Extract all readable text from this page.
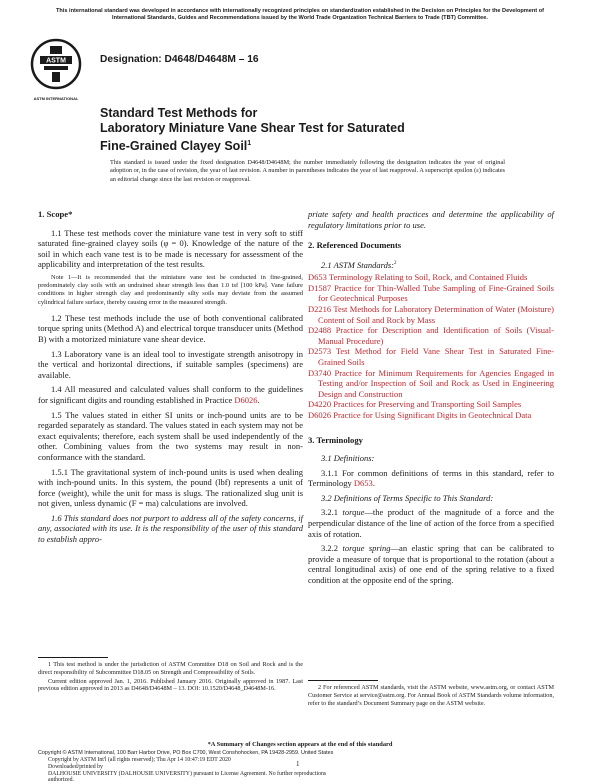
This international standard was developed in accordance with internationally recognized principles on standardization established in the Decision on Principles for the Development of International Standards, Guides and Recommendations issued by the World Trade Organization Technical Barriers to Trade (TBT) Committee.
ASTM
ASTM INTERNATIONAL
Designation: D4648/D4648M – 16
Standard Test Methods for
Laboratory Miniature Vane Shear Test for Saturated
Fine-Grained Clayey Soil$^1$
This standard is issued under the fixed designation D4648/D4648M; the number immediately following the designation indicates the year of original adoption or, in the case of revision, the year of last revision. A number in parentheses indicates the year of last reapproval. A superscript epsilon (ε) indicates an editorial change since the last revision or reapproval.
1. Scope*

1.1 These test methods cover the miniature vane test in very soft to stiff saturated fine-grained clayey soils (φ = 0). Knowledge of the nature of the soil in which each vane test is to be made is necessary for assessment of the applicability and interpretation of the test results.

Note 1—It is recommended that the miniature vane test be conducted in fine-grained, predominately clay soils with an undrained shear strength less than 1.0 tsf [100 kPa]. Vane failure conditions in higher strength clay and predominantly silty soils may deviate from the assumed cylindrical failure surface, thereby causing error in the measured strength.

1.2 These test methods include the use of both conventional calibrated torque spring units (Method A) and electrical torque transducer units (Method B) with a motorized miniature vane shear device.

1.3 Laboratory vane is an ideal tool to investigate strength anisotropy in the vertical and horizontal directions, if suitable samples (specimens) are available.

1.4 All measured and calculated values shall conform to the guidelines for significant digits and rounding established in Practice D6026.

1.5 The values stated in either SI units or inch-pound units are to be regarded separately as standard. The values stated in each system may not be exact equivalents; therefore, each system shall be used independently of the other. Combining values from the two systems may result in non-conformance with the standard.

1.5.1 The gravitational system of inch-pound units is used when dealing with inch-pound units. In this system, the pound (lbf) represents a unit of force (weight), while the unit for mass is slugs. The rationalized slug unit is not given, unless dynamic (F = ma) calculations are involved.

1.6 This standard does not purport to address all of the safety concerns, if any, associated with its use. It is the responsibility of the user of this standard to establish appro-

1 This test method is under the jurisdiction of ASTM Committee D18 on Soil and Rock and is the direct responsibility of Subcommittee D18.05 on Strength and Compressibility of Soils.

Current edition approved Jan. 1, 2016. Published January 2016. Originally approved in 1987. Last previous edition approved in 2013 as D4648/D4648M – 13. DOI: 10.1520/D4648_D4648M-16.

priate safety and health practices and determine the applicability of regulatory limitations prior to use.

2. Referenced Documents

2.1 ASTM Standards:$^2$

D653 Terminology Relating to Soil, Rock, and Contained Fluids
D1587 Practice for Thin-Walled Tube Sampling of Fine-Grained Soils for Geotechnical Purposes
D2216 Test Methods for Laboratory Determination of Water (Moisture) Content of Soil and Rock by Mass
D2488 Practice for Description and Identification of Soils (Visual-Manual Procedure)
D2573 Test Method for Field Vane Shear Test in Saturated Fine-Grained Soils
D3740 Practice for Minimum Requirements for Agencies Engaged in Testing and/or Inspection of Soil and Rock as Used in Engineering Design and Construction
D4220 Practices for Preserving and Transporting Soil Samples
D6026 Practice for Using Significant Digits in Geotechnical Data
3. Terminology

3.1 Definitions:

3.1.1 For common definitions of terms in this standard, refer to Terminology D653.

3.2 Definitions of Terms Specific to This Standard:

3.2.1 torque—the product of the magnitude of a force and the perpendicular distance of the line of action of the force from a specified axis of rotation.

3.2.2 torque spring—an elastic spring that can be calibrated to provide a measure of torque that is proportional to the rotation (about a central longitudinal axis) of one end of the spring relative to a fixed condition at the opposite end of the spring.

2 For referenced ASTM standards, visit the ASTM website, www.astm.org, or contact ASTM Customer Service at service@astm.org. For Annual Book of ASTM Standards volume information, refer to the standard’s Document Summary page on the ASTM website.

*A Summary of Changes section appears at the end of this standard
Copyright © ASTM International, 100 Barr Harbor Drive, PO Box C700, West Conshohocken, PA 19428-2959. United States
Copyright by ASTM Int'l (all rights reserved); Thu Apr 14 10:47:19 EDT 2020
Downloaded/printed by
DALHOUSIE UNIVERSITY (DALHOUSIE UNIVERSITY) pursuant to License Agreement. No further reproductions authorized.
1
